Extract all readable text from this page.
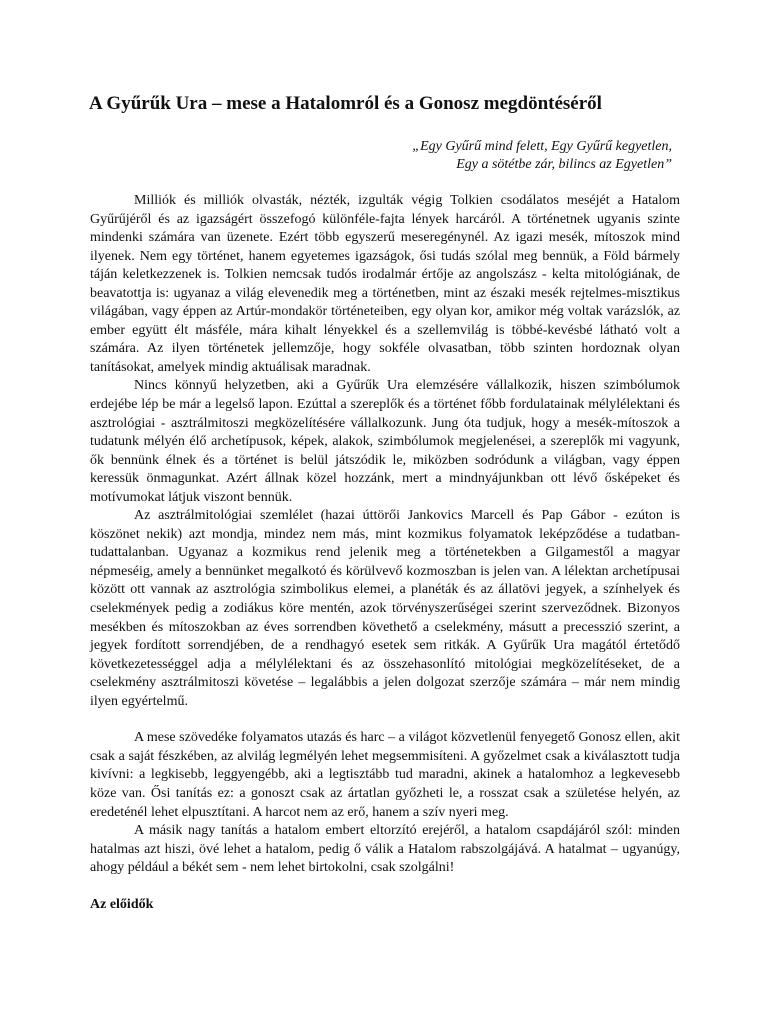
A Gyűrűk Ura – mese a Hatalomról és a Gonosz megdöntéséről
„Egy Gyűrű mind felett, Egy Gyűrű kegyetlen,
Egy a sötétbe zár, bilincs az Egyetlen”

Milliók és milliók olvasták, nézték, izgulták végig Tolkien csodálatos meséjét a Hatalom Gyűrűjéről és az igazságért összefogó különféle-fajta lények harcáról. A történetnek ugyanis szinte mindenki számára van üzenete. Ezért több egyszerű meseregénynél. Az igazi mesék, mítoszok mind ilyenek. Nem egy történet, hanem egyetemes igazságok, ősi tudás szólal meg bennük, a Föld bármely táján keletkezzenek is. Tolkien nemcsak tudós irodalmár értője az angolszász - kelta mitológiának, de beavatottja is: ugyanaz a világ elevenedik meg a történetben, mint az északi mesék rejtelmes-misztikus világában, vagy éppen az Artúr-mondakör történeteiben, egy olyan kor, amikor még voltak varázslók, az ember együtt élt másféle, mára kihalt lényekkel és a szellemvilág is többé-kevésbé látható volt a számára. Az ilyen történetek jellemzője, hogy sokféle olvasatban, több szinten hordoznak olyan tanításokat, amelyek mindig aktuálisak maradnak.

Nincs könnyű helyzetben, aki a Gyűrűk Ura elemzésére vállalkozik, hiszen szimbólumok erdejébe lép be már a legelső lapon. Ezúttal a szereplők és a történet főbb fordulatainak mélylélektani és asztrológiai - asztrálmitoszi megközelítésére vállalkozunk. Jung óta tudjuk, hogy a mesék-mítoszok a tudatunk mélyén élő archetípusok, képek, alakok, szimbólumok megjelenései, a szereplők mi vagyunk, ők bennünk élnek és a történet is belül játszódik le, miközben sodródunk a világban, vagy éppen keressük önmagunkat. Azért állnak közel hozzánk, mert a mindnyájunkban ott lévő ősképeket és motívumokat látjuk viszont bennük.

Az asztrálmitológiai szemlélet (hazai úttörői Jankovics Marcell és Pap Gábor - ezúton is köszönet nekik) azt mondja, mindez nem más, mint kozmikus folyamatok leképződése a tudatban-tudattalanban. Ugyanaz a kozmikus rend jelenik meg a történetekben a Gilgamestől a magyar népmeséig, amely a bennünket megalkotó és körülvevő kozmoszban is jelen van. A lélektan archetípusai között ott vannak az asztrológia szimbolikus elemei, a planéták és az állatövi jegyek, a színhelyek és cselekmények pedig a zodiákus köre mentén, azok törvényszerűségei szerint szerveződnek. Bizonyos mesékben és mítoszokban az éves sorrendben követhető a cselekmény, másutt a precesszió szerint, a jegyek fordított sorrendjében, de a rendhagyó esetek sem ritkák. A Gyűrűk Ura magától értetődő következetességgel adja a mélylélektani és az összehasonlító mitológiai megközelítéseket, de a cselekmény asztrálmitoszi követése – legalábbis a jelen dolgozat szerzője számára – már nem mindig ilyen egyértelmű.

A mese szövedéke folyamatos utazás és harc – a világot közvetlenül fenyegető Gonosz ellen, akit csak a saját fészkében, az alvilág legmélyén lehet megsemmisíteni. A győzelmet csak a kiválasztott tudja kivívni: a legkisebb, leggyengébb, aki a legtisztább tud maradni, akinek a hatalomhoz a legkevesebb köze van. Ősi tanítás ez: a gonoszt csak az ártatlan győzheti le, a rosszat csak a születése helyén, az eredeténél lehet elpusztítani. A harcot nem az erő, hanem a szív nyeri meg.

A másik nagy tanítás a hatalom embert eltorzító erejéről, a hatalom csapdájáról szól: minden hatalmas azt hiszi, övé lehet a hatalom, pedig ő válik a Hatalom rabszolgájává. A hatalmat – ugyanúgy, ahogy például a békét sem - nem lehet birtokolni, csak szolgálni!

Az előidők
